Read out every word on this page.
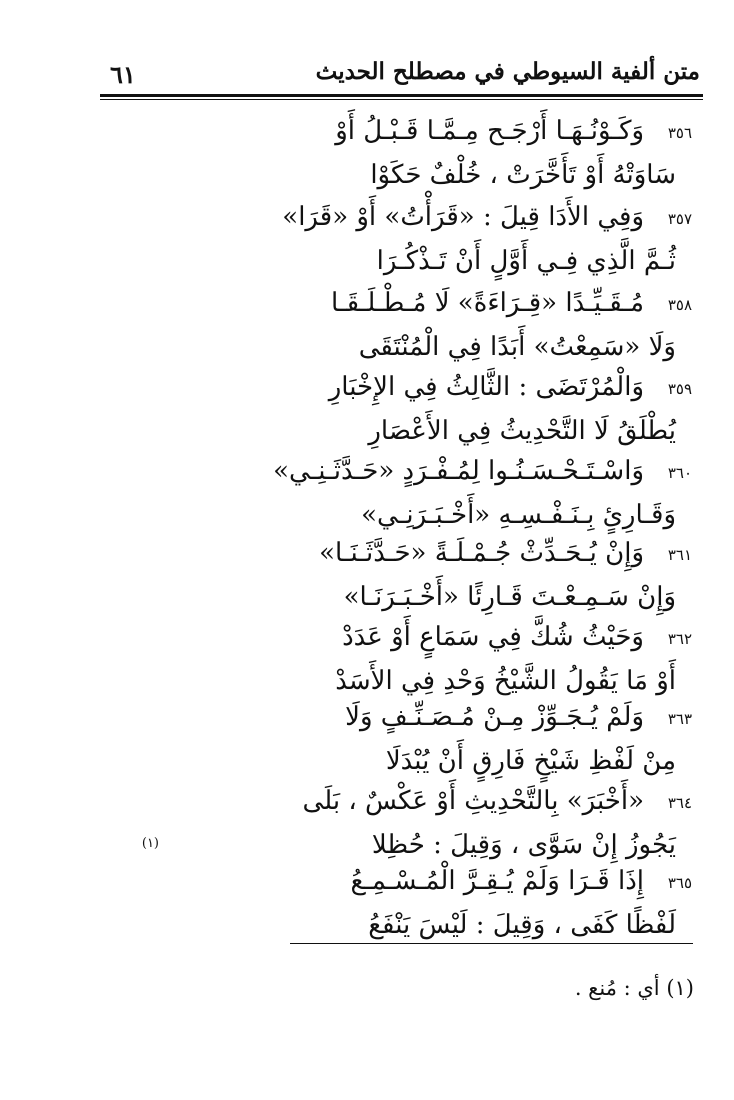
٦١	متن ألفية السيوطي في مصطلح الحديث
٣٥٦
وَكَـوْنُـهَـا أَرْجَـح مِـمَّـا قَـبْـلُ أَوْ
سَاوَتْهُ أَوْ تَأَخَّرَتْ ، خُلْفٌ حَكَوْا
٣٥٧
وَفِي الأَدَا قِيلَ : «قَرَأْتُ» أَوْ «قَرَا»
ثُـمَّ الَّذِي فِـي أَوَّلٍ أَنْ تَـذْكُـرَا
٣٥٨
مُـقَـيِّـدًا «قِـرَاءَةً» لَا مُـطْـلَـقَـا
وَلَا «سَمِعْتُ» أَبَدًا فِي الْمُنْتَقَى
٣٥٩
وَالْمُرْتَضَى : الثَّالِثُ فِي الإِخْبَارِ
يُطْلَقُ لَا التَّحْدِيثُ فِي الأَعْصَارِ
٣٦٠
وَاسْـتَـحْـسَـنُـوا لِمُـفْـرَدٍ «حَـدَّثَـنِـي»
وَقَـارِئٍ بِـنَـفْـسِـهِ «أَخْـبَـرَنِـي»
٣٦١
وَإِنْ يُـحَـدِّثْ جُـمْـلَـةً «حَـدَّثَـنَـا»
وَإِنْ سَـمِـعْـتَ قَـارِئًا «أَخْـبَـرَنَـا»
٣٦٢
وَحَيْثُ شُكَّ فِي سَمَاعٍ أَوْ عَدَدْ
أَوْ مَا يَقُولُ الشَّيْخُ وَحْدِ فِي الأَسَدْ
٣٦٣
وَلَمْ يُـجَـوِّزْ مِـنْ مُـصَـنِّـفٍ وَلَا
مِنْ لَفْظِ شَيْخٍ فَارِقٍ أَنْ يُبْدَلَا
٣٦٤
«أَخْبَرَ» بِالتَّحْدِيثِ أَوْ عَكْسٌ ، بَلَى
يَجُوزُ إِنْ سَوَّى ، وَقِيلَ : حُظِلا
(١)
٣٦٥
إِذَا قَـرَا وَلَمْ يُـقِـرَّ الْمُـسْـمِـعُ
لَفْظًا كَفَى ، وَقِيلَ : لَيْسَ يَنْفَعُ
(١) أي : مُنع .
